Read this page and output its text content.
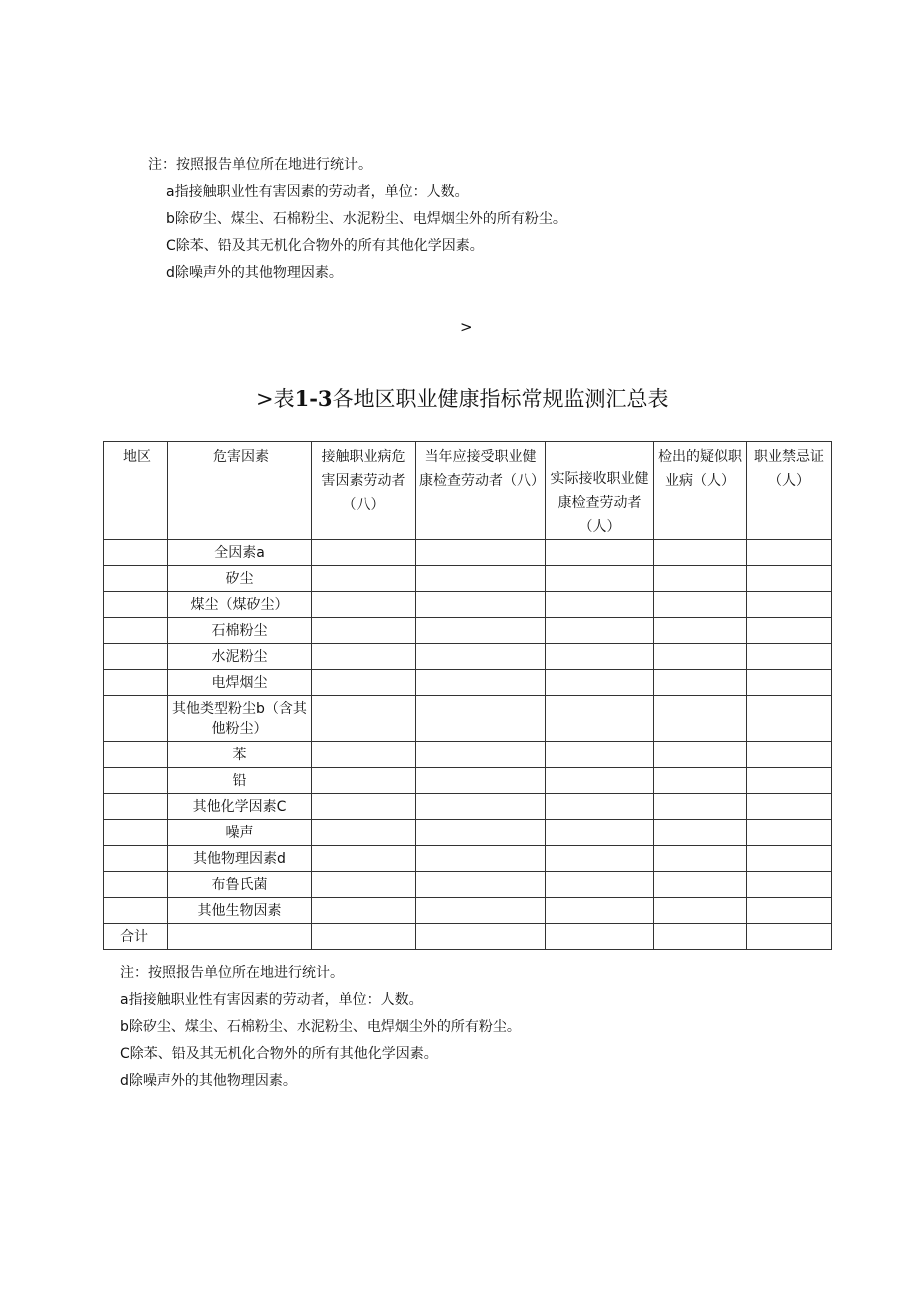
注：按照报告单位所在地进行统计。
a指接触职业性有害因素的劳动者，单位：人数。
b除矽尘、煤尘、石棉粉尘、水泥粉尘、电焊烟尘外的所有粉尘。
C除苯、铅及其无机化合物外的所有其他化学因素。
d除噪声外的其他物理因素。
>
>表1-3各地区职业健康指标常规监测汇总表
地区	危害因素	接触职业病危害因素劳动者（八）	当年应接受职业健康检查劳动者（八）	实际接收职业健康检查劳动者（人）	检出的疑似职业病（人）	职业禁忌证（人）

	全因素a					
	矽尘					
	煤尘（煤矽尘）					
	石棉粉尘					
	水泥粉尘					
	电焊烟尘					
	其他类型粉尘b（含其他粉尘）					
	苯					
	铅					
	其他化学因素C					
	噪声					
	其他物理因素d					
	布鲁氏菌					
	其他生物因素					
合计						
注：按照报告单位所在地进行统计。
a指接触职业性有害因素的劳动者，单位：人数。
b除矽尘、煤尘、石棉粉尘、水泥粉尘、电焊烟尘外的所有粉尘。
C除苯、铅及其无机化合物外的所有其他化学因素。
d除噪声外的其他物理因素。
